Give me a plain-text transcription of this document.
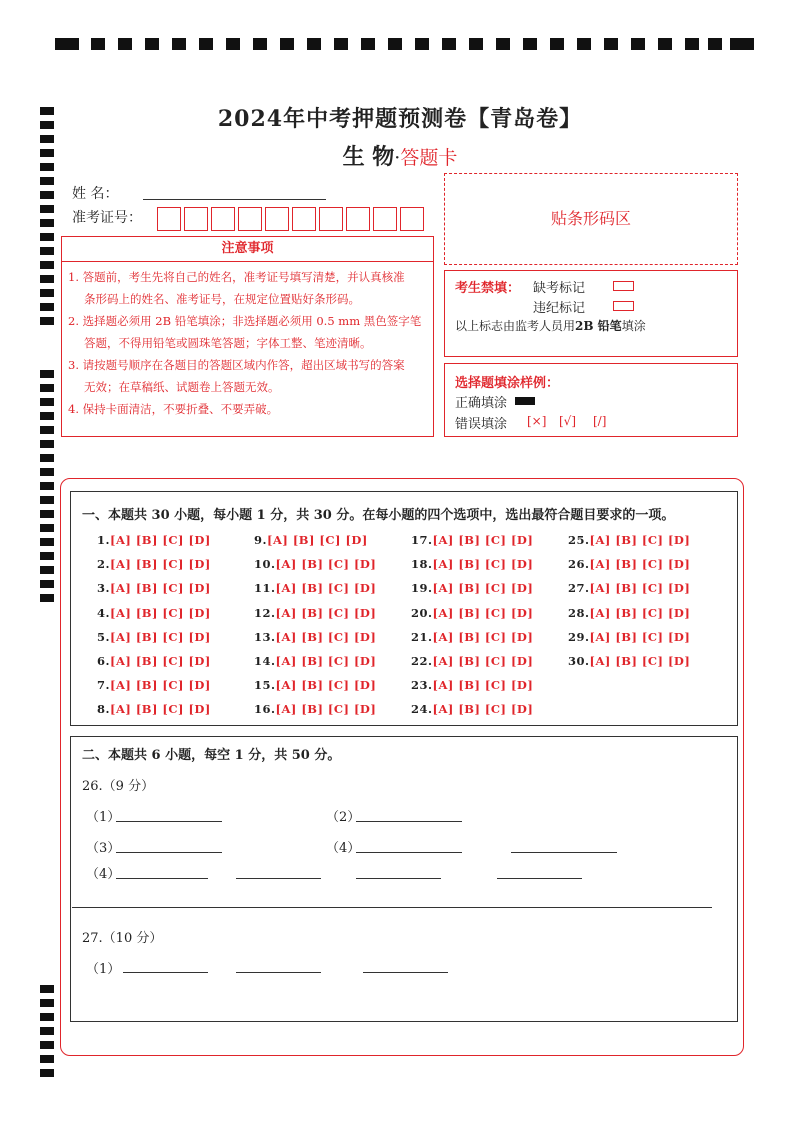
2024年中考押题预测卷【青岛卷】
生 物·答题卡
姓 名：
准考证号：	贴条形码区
注意事项
1. 答题前，考生先将自己的姓名，准考证号填写清楚，并认真核准
条形码上的姓名、准考证号，在规定位置贴好条形码。
2. 选择题必须用 2B 铅笔填涂；非选择题必须用 0.5 mm 黑色签字笔
答题，不得用铅笔或圆珠笔答题；字体工整、笔迹清晰。
3. 请按题号顺序在各题目的答题区域内作答，超出区域书写的答案
无效；在草稿纸、试题卷上答题无效。
4. 保持卡面清洁，不要折叠、不要弄破。
考生禁填： 缺考标记
违纪标记
以上标志由监考人员用2B 铅笔填涂
选择题填涂样例：
正确填涂
错误填涂 [×] [√] [/]
一、本题共 30 小题，每小题 1 分，共 30 分。在每小题的四个选项中，选出最符合题目要求的一项。
1.[A] [B] [C] [D]
2.[A] [B] [C] [D]
3.[A] [B] [C] [D]
4.[A] [B] [C] [D]
5.[A] [B] [C] [D]
6.[A] [B] [C] [D]
7.[A] [B] [C] [D]
8.[A] [B] [C] [D]
9.[A] [B] [C] [D]
10.[A] [B] [C] [D]
11.[A] [B] [C] [D]
12.[A] [B] [C] [D]
13.[A] [B] [C] [D]
14.[A] [B] [C] [D]
15.[A] [B] [C] [D]
16.[A] [B] [C] [D]
17.[A] [B] [C] [D]
18.[A] [B] [C] [D]
19.[A] [B] [C] [D]
20.[A] [B] [C] [D]
21.[A] [B] [C] [D]
22.[A] [B] [C] [D]
23.[A] [B] [C] [D]
24.[A] [B] [C] [D]
25.[A] [B] [C] [D]
26.[A] [B] [C] [D]
27.[A] [B] [C] [D]
28.[A] [B] [C] [D]
29.[A] [B] [C] [D]
30.[A] [B] [C] [D]
二、本题共 6 小题，每空 1 分，共 50 分。
26.（9 分）
（1）	（2）
（3）	（4）
（4）
27.（10 分）
（1）
